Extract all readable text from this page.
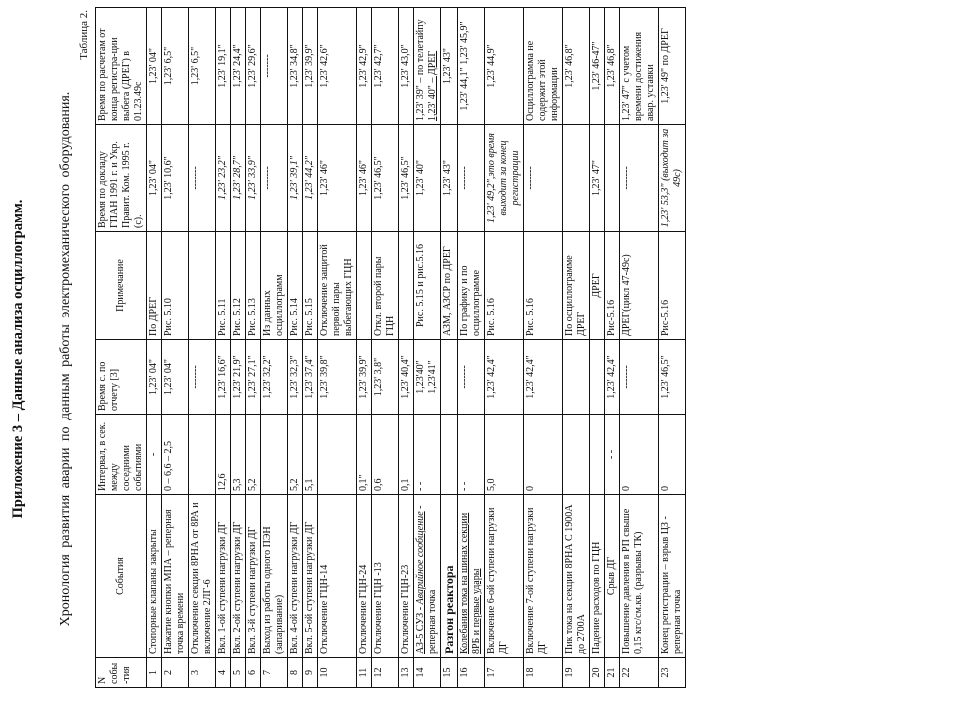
Приложение 3 – Данные анализа осциллограмм. Хронология развития аварии по данным работы электромеханического оборудования.
Таблица 2.
N собы-тия	События	Интервал, в сек. между соседними событиями	Время с. по отчету [3]	Примечание	Время по докладу ГПАН 1991 г. и Укр. Правит. Ком. 1995 г. (с).	Время по расчетам от конца регистра-ции выбега (ДРЕГ) в 01.23.49с
1	Стопорные клапаны закрыты	-	1,23' 04"	По ДРЕГ	1,23' 04"	1,23' 04"
2	Нажатие кнопки МПА – реперная точка времени	0 – 6,6 – 2,5	1,23' 04"	Рис. 5.10	1,23' 10,6"	1,23' 6,5"
3	Отключение секции 8РНА от 8РА и включение 2ЛГ-6		-------		-------	1,23' 6,5"
4	Вкл. 1-ой ступени нагрузки ДГ	12,6	1,23' 16,6"	Рис. 5.11	1,23' 23,2"	1,23' 19,1"
5	Вкл. 2-ой ступени нагрузки ДГ	5,3	1,23' 21,9"	Рис. 5.12	1,23' 28,7"	1,23' 24,4"
6	Вкл. 3-й ступени нагрузки ДГ	5,2	1,23' 27,1"	Рис. 5.13	1,23' 33,9"	1,23' 29,6"
7	Выход из работы одного ПЭН (запаривание)		1,23' 32,2"	Из данных осциллограмм	-------	-------
8	Вкл. 4-ой ступени нагрузки ДГ	5,2	1,23' 32,3"	Рис. 5.14	1,23' 39,1"	1,23' 34,8"
9	Вкл. 5-ой ступени нагрузки ДГ	5,1	1,23' 37,4"	Рис. 5.15	1,23' 44,2"	1,23' 39,9"
10	Отключение ГЦН-14		1,23' 39,8"	Отключение защитой первой пары выбегающих ГЦН	1,23' 46"	1,23' 42,6"
11	Отключение ГЦН-24	0,1"	1,23' 39,9"		1,23' 46"	1,23' 42,9"
12	Отключение ГЦН -13	0,6	1,23' 3,8"	Откл. второй пары ГЦН	1,23' 46,5"	1,23' 42,7"
13	Отключение ГЦН-23	0,1	1,23' 40,4"		1,23' 46,5"	1,23' 43,0"
14	АЗ-5 СУЗ - Аварийное сообщение - реперная точка	- -	1,23'40" 1,23'41"	Рис. 5.15 и рис.5.16	1,23' 40"	1,23' 39" – по телетайпу 1,23' 40" – ДРЕГ

15	Разгон реактора			АЗМ, АЗСР по ДРЕГ	1,23' 43"	1,23' 43"
16	Колебания тока на шинах секции 8РБ и первые удары	- -	-------	По графику и по осциллограмме	-------	1,23' 44,1" 1,23' 45,9"
17	Включение 6-ой ступени нагрузки ДГ	5,0	1,23' 42,4"	Рис. 5.16	1,23' 49,2",это время выходит за конец регистрации	1,23' 44,9"
18	Включение 7-ой ступени нагрузки ДГ	0	1,23' 42,4"	Рис. 5.16	-------	Осциллограмма не содержит этой информации
19	Пик тока на секции 8РНА С 1900А до 2700А			По осциллограмме ДРЕГ		1,23' 46,8"
20	Падение расходов по ГЦН			ДРЕГ	1,23' 47"	1,23' 46-47"
21	Срыв ДГ	- -	1,23' 42,4"	Рис-5.16		1,23' 46,8"
22	Повышение давления в РП свыше 0,15 кгс/см.кв. (разрывы ТК)	0	-------	ДРЕГ(цикл 47-49с)	-------	1,23' 47" с учетом времени достижения авар. уставки
23	Конец регистрации – взрыв ЦЗ - реперная точка	0	1,23' 46,5"	Рис-5.16	1,23' 53,3" (выходит за 49с)	1,23' 49" по ДРЕГ
